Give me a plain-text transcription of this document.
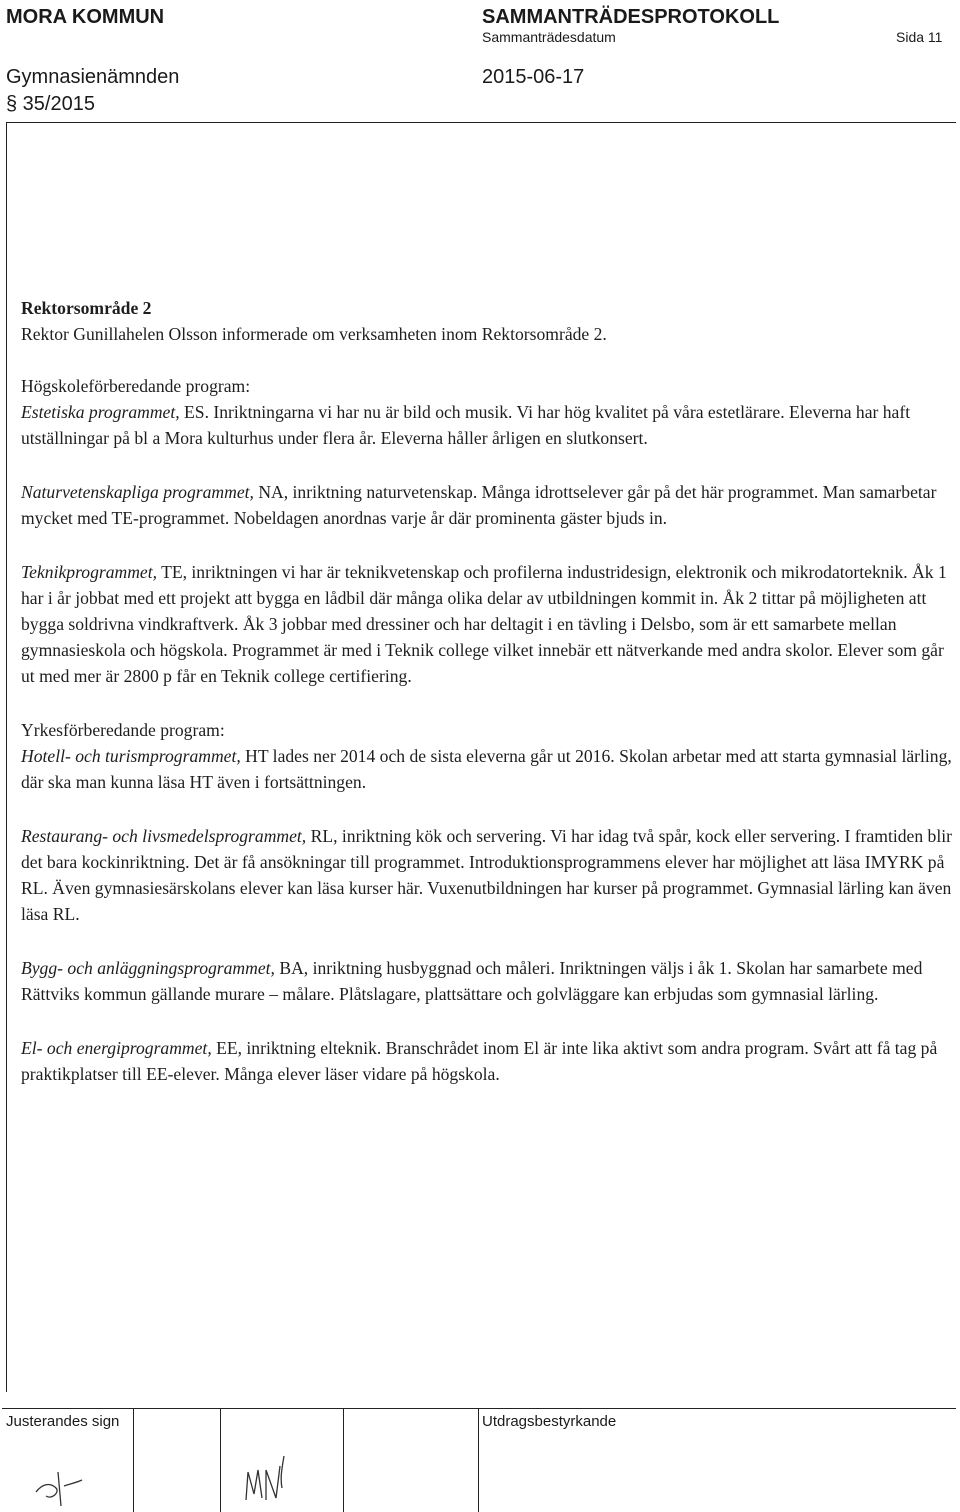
MORA KOMMUN	SAMMANTRÄDESPROTOKOLL
Sammanträdesdatum	Sida 11
Gymnasienämnden	2015-06-17
§ 35/2015

Rektorsområde 2

Rektor Gunillahelen Olsson informerade om verksamheten inom Rektorsområde 2.

Högskoleförberedande program:

Estetiska programmet, ES. Inriktningarna vi har nu är bild och musik. Vi har hög kvalitet på våra estetlärare. Eleverna har haft utställningar på bl a Mora kulturhus under flera år. Eleverna håller årligen en slutkonsert.

Naturvetenskapliga programmet, NA, inriktning naturvetenskap. Många idrottselever går på det här programmet. Man samarbetar mycket med TE-programmet. Nobeldagen anordnas varje år där prominenta gäster bjuds in.

Teknikprogrammet, TE, inriktningen vi har är teknikvetenskap och profilerna industridesign, elektronik och mikrodatorteknik. Åk 1 har i år jobbat med ett projekt att bygga en lådbil där många olika delar av utbildningen kommit in. Åk 2 tittar på möjligheten att bygga soldrivna vindkraftverk. Åk 3 jobbar med dressiner och har deltagit i en tävling i Delsbo, som är ett samarbete mellan gymnasieskola och högskola. Programmet är med i Teknik college vilket innebär ett nätverkande med andra skolor. Elever som går ut med mer är 2800 p får en Teknik college certifiering.

Yrkesförberedande program:

Hotell- och turismprogrammet, HT lades ner 2014 och de sista eleverna går ut 2016. Skolan arbetar med att starta gymnasial lärling, där ska man kunna läsa HT även i fortsättningen.

Restaurang- och livsmedelsprogrammet, RL, inriktning kök och servering. Vi har idag två spår, kock eller servering. I framtiden blir det bara kockinriktning. Det är få ansökningar till programmet. Introduktionsprogrammens elever har möjlighet att läsa IMYRK på RL. Även gymnasiesärskolans elever kan läsa kurser här. Vuxenutbildningen har kurser på programmet. Gymnasial lärling kan även läsa RL.

Bygg- och anläggningsprogrammet, BA, inriktning husbyggnad och måleri. Inriktningen väljs i åk 1. Skolan har samarbete med Rättviks kommun gällande murare – målare. Plåtslagare, plattsättare och golvläggare kan erbjudas som gymnasial lärling.

El- och energiprogrammet, EE, inriktning elteknik. Branschrådet inom El är inte lika aktivt som andra program. Svårt att få tag på praktikplatser till EE-elever. Många elever läser vidare på högskola.

Justerandes sign	Utdragsbestyrkande
